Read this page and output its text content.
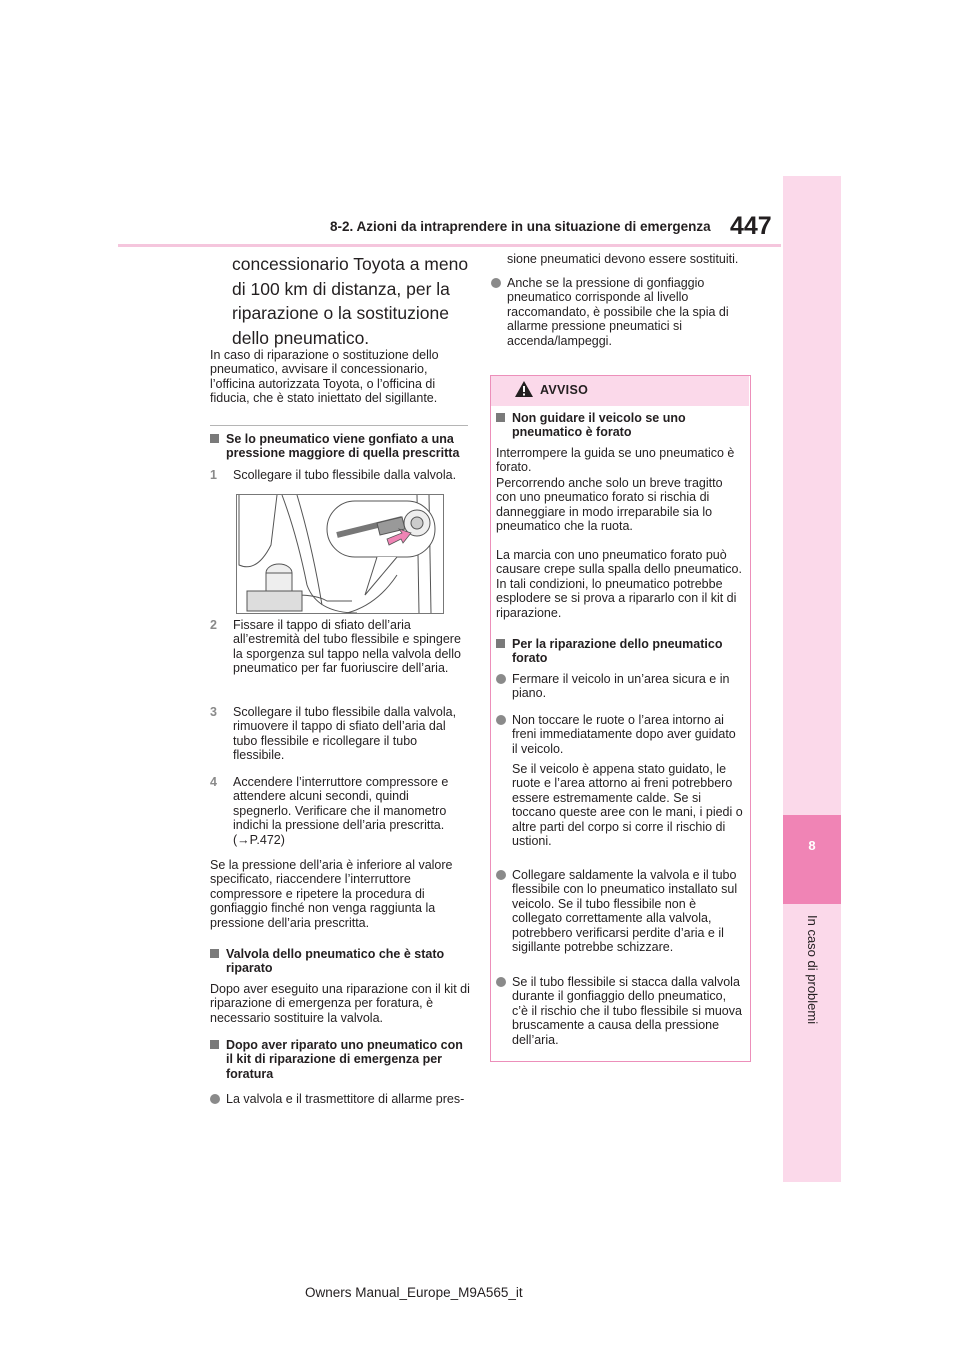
8-2. Azioni da intraprendere in una situazione di emergenza 447
8
In caso di problemi

concessionario Toyota a meno di 100 km di distanza, per la riparazione o la sostituzione dello pneumatico.

In caso di riparazione o sostituzione dello pneumatico, avvisare il concessionario, l’officina autorizzata Toyota, o l’officina di fiducia, che è stato iniettato del sigillante.

Se lo pneumatico viene gonfiato a una pressione maggiore di quella prescritta
1	Scollegare il tubo flessibile dalla valvola.
2	Fissare il tappo di sfiato dell’aria all’estremità del tubo flessibile e spingere la sporgenza sul tappo nella valvola dello pneumatico per far fuoriuscire dell’aria.
3	Scollegare il tubo flessibile dalla valvola, rimuovere il tappo di sfiato dell’aria dal tubo flessibile e ricollegare il tubo flessibile.
4	Accendere l’interruttore compressore e attendere alcuni secondi, quindi spegnerlo. Verificare che il manometro indichi la pressione dell’aria prescritta. (→P.472)

Se la pressione dell’aria è inferiore al valore specificato, riaccendere l’interruttore compressore e ripetere la procedura di gonfiaggio finché non venga raggiunta la pressione dell’aria prescritta.

Valvola dello pneumatico che è stato riparato

Dopo aver eseguito una riparazione con il kit di riparazione di emergenza per foratura, è necessario sostituire la valvola.

Dopo aver riparato uno pneumatico con il kit di riparazione di emergenza per foratura
La valvola e il trasmettitore di allarme pres-

sione pneumatici devono essere sostituiti.

Anche se la pressione di gonfiaggio pneumatico corrisponde al livello raccomandato, è possibile che la spia di allarme pressione pneumatici si accenda/lampeggi.
AVVISO
Non guidare il veicolo se uno pneumatico è forato

Interrompere la guida se uno pneumatico è forato.

Percorrendo anche solo un breve tragitto con uno pneumatico forato si rischia di danneggiare in modo irreparabile sia lo pneumatico che la ruota.

La marcia con uno pneumatico forato può causare crepe sulla spalla dello pneumatico. In tali condizioni, lo pneumatico potrebbe esplodere se si prova a ripararlo con il kit di riparazione.

Per la riparazione dello pneumatico forato
Fermare il veicolo in un’area sicura e in piano.
Non toccare le ruote o l’area intorno ai freni immediatamente dopo aver guidato il veicolo.

Se il veicolo è appena stato guidato, le ruote e l’area attorno ai freni potrebbero essere estremamente calde. Se si toccano queste aree con le mani, i piedi o altre parti del corpo si corre il rischio di ustioni.

Collegare saldamente la valvola e il tubo flessibile con lo pneumatico installato sul veicolo. Se il tubo flessibile non è collegato correttamente alla valvola, potrebbero verificarsi perdite d’aria e il sigillante potrebbe schizzare.
Se il tubo flessibile si stacca dalla valvola durante il gonfiaggio dello pneumatico, c’è il rischio che il tubo flessibile si muova bruscamente a causa della pressione dell’aria.
Owners Manual_Europe_M9A565_it
